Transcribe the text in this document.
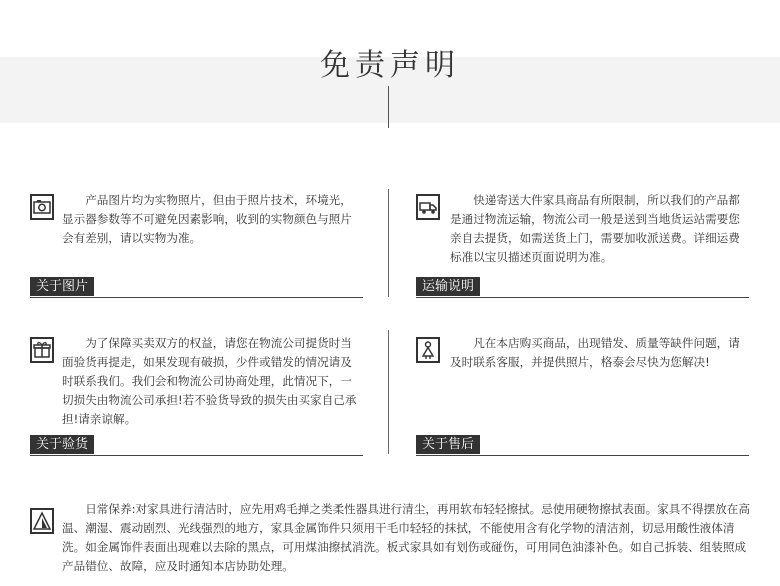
免责声明

产品图片均为实物照片，但由于照片技术，环境光，显示器参数等不可避免因素影响，收到的实物颜色与照片会有差别，请以实物为准。

关于图片

快递寄送大件家具商品有所限制，所以我们的产品都是通过物流运输，物流公司一般是送到当地货运站需要您亲自去提货，如需送货上门，需要加收派送费。详细运费标准以宝贝描述页面说明为准。

运输说明

为了保障买卖双方的权益，请您在物流公司提货时当面验货再提走，如果发现有破损，少件或错发的情况请及时联系我们。我们会和物流公司协商处理，此情况下，一切损失由物流公司承担!若不验货导致的损失由买家自己承担!请亲谅解。

关于验货

凡在本店购买商品，出现错发、质量等缺件问题，请及时联系客服，并提供照片，格泰会尽快为您解决!

关于售后

日常保养:对家具进行清洁时，应先用鸡毛掸之类柔性器具进行清尘，再用软布轻轻擦拭。忌使用硬物擦拭表面。家具不得摆放在高温、潮湿、震动剧烈、光线强烈的地方，家具金属饰件只须用干毛巾轻轻的抹拭，不能使用含有化学物的清洁剂，切忌用酸性液体清洗。如金属饰件表面出现难以去除的黑点，可用煤油擦拭消洗。板式家具如有划伤或碰伤，可用同色油漆补色。如自己拆装、组装照成产品错位、故障，应及时通知本店协助处理。
